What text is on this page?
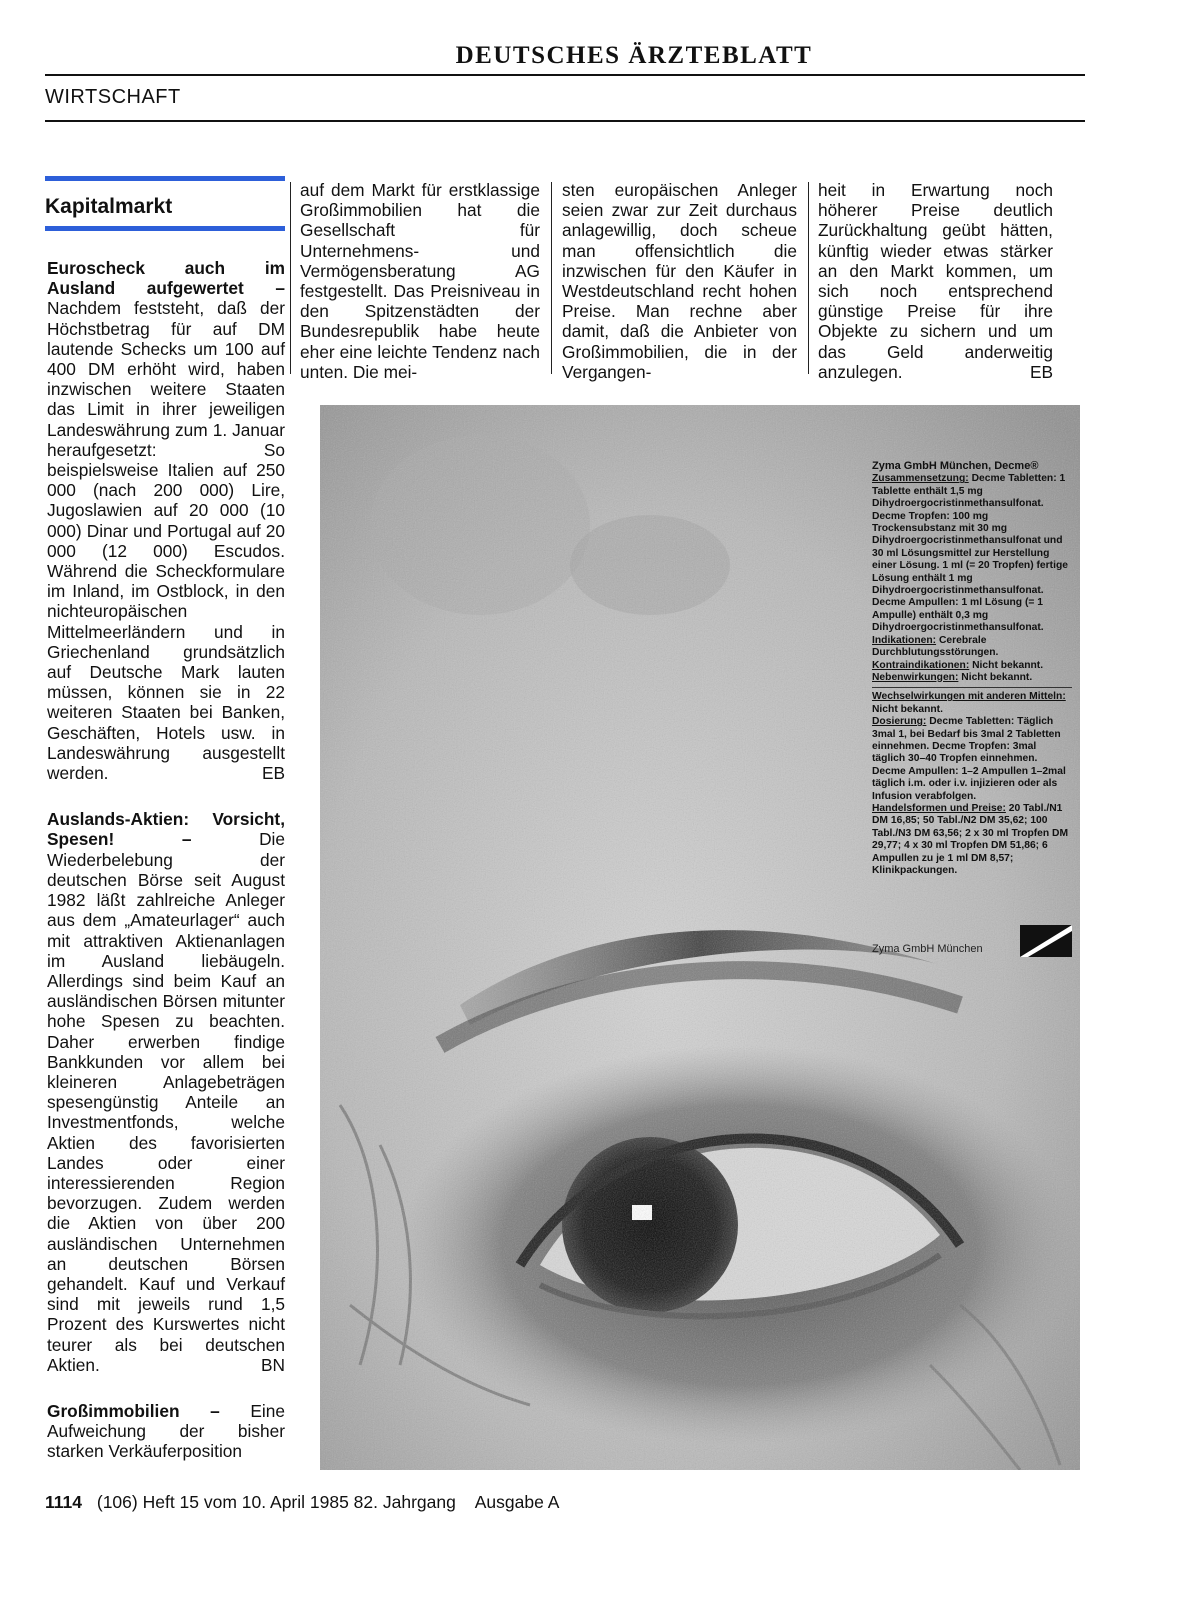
DEUTSCHES ÄRZTEBLATT
WIRTSCHAFT
Kapitalmarkt

Euroscheck auch im Ausland aufgewertet – Nachdem feststeht, daß der Höchstbetrag für auf DM lautende Schecks um 100 auf 400 DM erhöht wird, haben inzwischen weitere Staaten das Limit in ihrer jeweiligen Landeswährung zum 1. Januar heraufgesetzt: So beispielsweise Italien auf 250 000 (nach 200 000) Lire, Jugoslawien auf 20 000 (10 000) Dinar und Portugal auf 20 000 (12 000) Escudos. Während die Scheckformulare im Inland, im Ostblock, in den nichteuropäischen Mittelmeerländern und in Griechenland grundsätzlich auf Deutsche Mark lauten müssen, können sie in 22 weiteren Staaten bei Banken, Geschäften, Hotels usw. in Landeswährung ausgestellt werden.	EB

Auslands-Aktien: Vorsicht, Spesen! –	Die Wiederbelebung der deutschen Börse seit August 1982 läßt zahlreiche Anleger aus dem „Amateurlager“ auch mit attraktiven Aktienanlagen im Ausland liebäugeln. Allerdings sind beim Kauf an ausländischen Börsen mitunter hohe Spesen zu beachten. Daher erwerben findige Bankkunden vor allem bei kleineren Anlagebeträgen spesengünstig Anteile an Investmentfonds, welche Aktien des favorisierten Landes oder einer interessierenden Region bevorzugen. Zudem werden die Aktien von über 200 ausländischen Unternehmen an deutschen Börsen gehandelt. Kauf und Verkauf sind mit jeweils rund 1,5 Prozent des Kurswertes nicht teurer als bei deutschen Aktien.	BN

Großimmobilien – Eine Aufweichung der bisher starken Verkäuferposition

auf dem Markt für erstklassige Großimmobilien hat die Gesellschaft für Unternehmens- und Vermögensberatung AG festgestellt. Das Preisniveau in den Spitzenstädten der Bundesrepublik habe heute eher eine leichte Tendenz nach unten. Die mei-

sten europäischen Anleger seien zwar zur Zeit durchaus anlagewillig, doch scheue man offensichtlich die inzwischen für den Käufer in Westdeutschland recht hohen Preise. Man rechne aber damit, daß die Anbieter von Großimmobilien, die in der Vergangen-

heit in Erwartung noch höherer Preise deutlich Zurückhaltung geübt hätten, künftig wieder etwas stärker an den Markt kommen, um sich noch entsprechend günstige Preise für ihre Objekte zu sichern und um das Geld anderweitig anzulegen.	EB

Zyma GmbH München, Decme®

Zusammensetzung: Decme Tabletten: 1 Tablette enthält 1,5 mg Dihydroergocristinmethansulfonat. Decme Tropfen: 100 mg Trockensubstanz mit 30 mg Dihydroergocristinmethansulfonat und 30 ml Lösungsmittel zur Herstellung einer Lösung. 1 ml (= 20 Tropfen) fertige Lösung enthält 1 mg Dihydroergocristinmethansulfonat. Decme Ampullen: 1 ml Lösung (= 1 Ampulle) enthält 0,3 mg Dihydroergocristinmethansulfonat.

Indikationen: Cerebrale Durchblutungsstörungen.

Kontraindikationen: Nicht bekannt.

Nebenwirkungen: Nicht bekannt.

Wechselwirkungen mit anderen Mitteln: Nicht bekannt.

Dosierung: Decme Tabletten: Täglich 3mal 1, bei Bedarf bis 3mal 2 Tabletten einnehmen. Decme Tropfen: 3mal täglich 30–40 Tropfen einnehmen. Decme Ampullen: 1–2 Ampullen 1–2mal täglich i.m. oder i.v. injizieren oder als Infusion verabfolgen.

Handelsformen und Preise: 20 Tabl./N1 DM 16,85; 50 Tabl./N2 DM 35,62; 100 Tabl./N3 DM 63,56; 2 x 30 ml Tropfen DM 29,77; 4 x 30 ml Tropfen DM 51,86; 6 Ampullen zu je 1 ml DM 8,57; Klinikpackungen.

Zyma GmbH München
1114 (106) Heft 15 vom 10. April 1985 82. Jahrgang Ausgabe A
